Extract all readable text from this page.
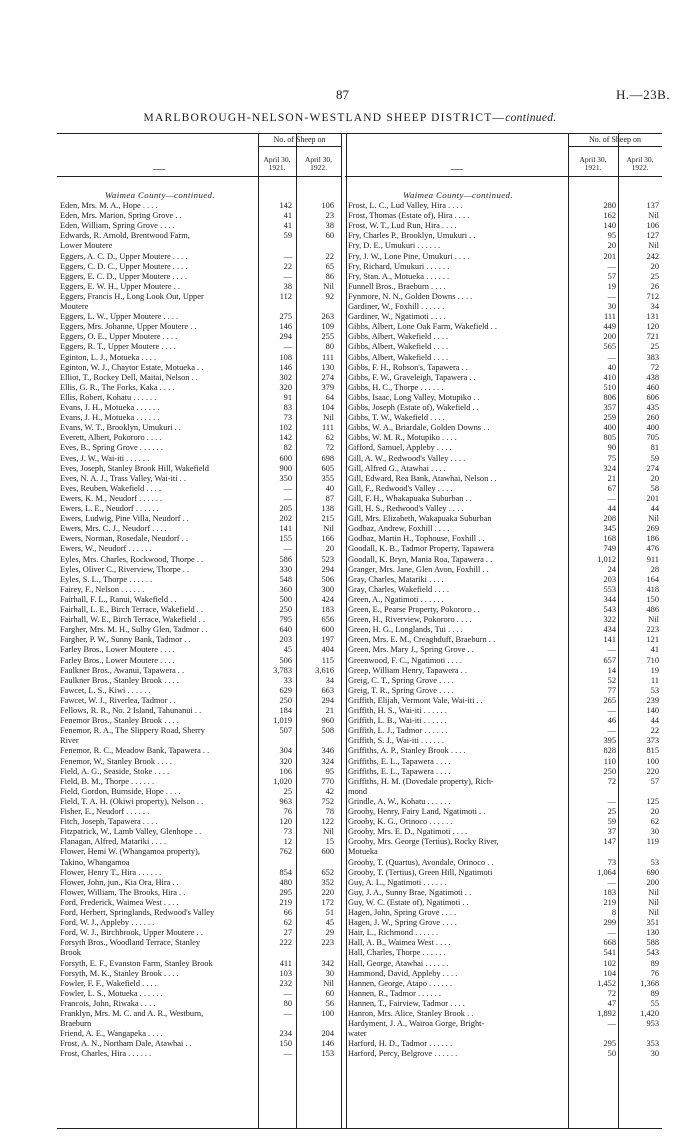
87	H.—23B.
MARLBOROUGH-NELSON-WESTLAND SHEEP DISTRICT—continued.
No. of Sheep on
April 30,
1921.
April 30,
1922.
—
Waimea County—continued.
Eden, Mrs. M. A., Hope . . . .	142	106
Eden, Mrs. Marion, Spring Grove . .	41	23
Eden, William, Spring Grove . . . .	41	38
Edwards, R. Arnold, Brentwood Farm,	59	60
Lower Moutere
Eggers, A. C. D., Upper Moutere . . . .	—	22
Eggers, C. D. C., Upper Moutere . . . .	22	65
Eggers, E. C. D., Upper Moutere . . . .	—	86
Eggers, E. W. H., Upper Moutere . .	38	Nil
Eggers, Francis H., Long Look Out, Upper	112	92
Moutere
Eggers, L. W., Upper Moutere . . . .	275	263
Eggers, Mrs. Johanne, Upper Moutere . .	146	109
Eggers, O. E., Upper Moutere . . . .	294	255
Eggers, R. T., Upper Moutere . . . .	—	80
Eginton, L. J., Motueka . . . .	108	111
Eginton, W. J., Chaytor Estate, Motueka . .	146	130
Elliot, T., Rockey Dell, Maitai, Nelson . .	302	274
Ellis, G. R., The Forks, Kaka . . . .	320	379
Ellis, Robert, Kohatu . . . . . .	91	64
Evans, J. H., Motueka . . . . . .	83	104
Evans, J. H., Motueka . . . . . .	73	Nil
Evans, W. T., Brooklyn, Umukuri . .	102	111
Everett, Albert, Pokororo . . . .	142	62
Eves, B., Spring Grove . . . . . .	82	72
Eves, J. W., Wai-iti . . . . . .	600	698
Eves, Joseph, Stanley Brook Hill, Wakefield	900	605
Eves, N. A. J., Trass Valley, Wai-iti . .	350	355
Eves, Reuben, Wakefield . . . .	—	40
Ewers, K. M., Neudorf . . . . . .	—	87
Ewers, L. E., Neudorf . . . . . .	205	138
Ewers, Ludwig, Pine Villa, Neudorf . .	202	215
Ewers, Mrs. C. J., Neudorf . . . .	141	Nil
Ewers, Norman, Rosedale, Neudorf . .	155	166
Ewers, W., Neudorf . . . . . .	—	20
Eyles, Mrs. Charles, Rockwood, Thorpe . .	586	523
Eyles, Oliver C., Riverview, Thorpe . .	330	294
Eyles, S. L., Thorpe . . . . . .	548	506
Fairey, F., Nelson . . . . . .	360	300
Fairhall, F. L., Ranui, Wakefield . .	500	424
Fairhall, L. E., Birch Terrace, Wakefield . .	250	183
Fairhall, W. E., Birch Terrace, Wakefield . .	795	656
Fargher, Mrs. M. H., Sulby Glen, Tadmor . .	640	600
Fargher, P. W., Sunny Bank, Tadmor . .	203	197
Farley Bros., Lower Moutere . . . .	45	404
Farley Bros., Lower Moutere . . . .	506	115
Faulkner Bros., Awanui, Tapawera . .	3,783	3,616
Faulkner Bros., Stanley Brook . . . .	33	34
Fawcet, L. S., Kiwi . . . . . .	629	663
Fawcet, W. J., Riverlea, Tadmor . .	250	294
Fellows, R. R., No. 2 Island, Tahunanui . .	184	21
Fenemor Bros., Stanley Brook . . . .	1,019	960
Fenemor, R. A., The Slippery Road, Sherry	507	508
River
Fenemor, R. C., Meadow Bank, Tapawera . .	304	346
Fenemor, W., Stanley Brook . . . .	320	324
Field, A. G., Seaside, Stoke . . . .	106	95
Field, B. M., Thorpe . . . . . .	1,020	770
Field, Gordon, Burnside, Hope . . . .	25	42
Field, T. A. H. (Okiwi property), Nelson . .	963	752
Fisher, E., Neudorf . . . . . .	76	78
Fitch, Joseph, Tapawera . . . .	120	122
Fitzpatrick, W., Lamb Valley, Glenhope . .	73	Nil
Flanagan, Alfred, Matariki . . . .	12	15
Flower, Hemi W. (Whangamoa property),	762	600
Takino, Whangamoa
Flower, Henry T., Hira . . . . . .	854	652
Flower, John, jun., Kia Ora, Hira . .	480	352
Flower, William, The Brooks, Hira . .	295	220
Ford, Frederick, Waimea West . . . .	219	172
Ford, Herbert, Springlands, Redwood's Valley	66	51
Ford, W. J., Appleby . . . . . .	62	45
Ford, W. J., Birchbrook, Upper Moutere . .	27	29
Forsyth Bros., Woodland Terrace, Stanley	222	223
Brook
Forsyth, E. F., Evanston Farm, Stanley Brook	411	342
Forsyth, M. K., Stanley Brook . . . .	103	30
Fowler, F. F., Wakefield . . . .	232	Nil
Fowler, L. S., Motueka . . . . . .	—	60
Francois, John, Riwaka . . . .	80	56
Franklyn, Mrs. M. C. and A. R., Westburn,	—	100
Braeburn
Friend, A. E., Wangapeka . . . .	234	204
Frost, A. N., Northam Dale, Atawhai . .	150	146
Frost, Charles, Hira . . . . . .	—	153
No. of Sheep on
April 30,
1921.
April 30,
1922.
—
Waimea County—continued.
Frost, L. C., Lud Valley, Hira . . . .	280	137
Frost, Thomas (Estate of), Hira . . . .	162	Nil
Frost, W. T., Lud Run, Hira . . . .	140	106
Fry, Charles P., Brooklyn, Umukuri . .	95	127
Fry, D. E., Umukuri . . . . . .	20	Nil
Fry, J. W., Lone Pine, Umukuri . . . .	201	242
Fry, Richard, Umukuri . . . . . .	—	20
Fry, Stan. A., Motueka . . . . . .	57	25
Funnell Bros., Braeburn . . . .	19	26
Fynmore, N. N., Golden Downs . . . .	—	712
Gardiner, W., Foxhill . . . . . .	30	34
Gardiner, W., Ngatimoti . . . .	111	131
Gibbs, Albert, Lone Oak Farm, Wakefield . .	449	120
Gibbs, Albert, Wakefield . . . .	200	721
Gibbs, Albert, Wakefield . . . .	565	25
Gibbs, Albert, Wakefield . . . .	—	383
Gibbs, F. H., Robson's, Tapawera . .	40	72
Gibbs, F. W., Graveleigh, Tapawera . .	410	438
Gibbs, H. C., Thorpe . . . . . .	510	460
Gibbs, Isaac, Long Valley, Motupiko . .	806	606
Gibbs, Joseph (Estate of), Wakefield . .	357	435
Gibbs, T. W., Wakefield . . . .	259	260
Gibbs, W. A., Briardale, Golden Downs . .	400	400
Gibbs, W. M. R., Motupiko . . . .	805	705
Gifford, Samuel, Appleby . . . .	90	81
Gill, A. W., Redwood's Valley . . . .	75	59
Gill, Alfred G., Atawhai . . . .	324	274
Gill, Edward, Rea Bank, Atawhai, Nelson . .	21	20
Gill, F., Redwood's Valley . . . .	67	58
Gill, F. H., Whakapuaka Suburban . .	—	201
Gill, H. S., Redwood's Valley . . . .	44	44
Gill, Mrs. Elizabeth, Wakapuaka Suburban	208	Nil
Godbaz, Andrew, Foxhill . . . .	345	269
Godbaz, Martin H., Tophouse, Foxhill . .	168	186
Goodall, K. B., Tadmor Property, Tapawera	749	476
Goodall, K. Bryn, Mania Roa, Tapawera . .	1,012	911
Granger, Mrs. Jane, Glen Avon, Foxhill . .	24	28
Gray, Charles, Matariki . . . .	203	164
Gray, Charles, Wakefield . . . .	553	418
Green, A., Ngatimoti . . . . . .	344	150
Green, E., Pearse Property, Pokororo . .	543	486
Green, H., Riverview, Pokororo . . . .	322	Nil
Green, H. G., Longlands, Tui . . . .	434	223
Green, Mrs. E. M., Creaghduff, Braeburn . .	141	121
Green, Mrs. Mary J., Spring Grove . .	—	41
Greenwood, F. C., Ngatimoti . . . .	657	710
Greep, William Henry, Tapawera . .	14	19
Greig, C. T., Spring Grove . . . .	52	11
Greig, T. R., Spring Grove . . . .	77	53
Griffith, Elijah, Vermont Vale, Wai-iti . .	265	239
Griffith, H. S., Wai-iti . . . . . .	—	140
Griffith, L. B., Wai-iti . . . . . .	46	44
Griffith, L. J., Tadmor . . . . . .	—	22
Griffith, S. J., Wai-iti . . . . . .	395	373
Griffiths, A. P., Stanley Brook . . . .	828	815
Griffiths, E. L., Tapawera . . . .	110	100
Griffiths, E. L., Tapawera . . . .	250	220
Griffiths, H. M. (Dovedale property), Rich-	72	57
mond
Grindle, A. W., Kohatu . . . . . .	—	125
Grooby, Henry, Fairy Land, Ngatimoti . .	25	20
Grooby, K. G., Orinoco . . . . . .	59	62
Grooby, Mrs. E. D., Ngatimoti . . . .	37	30
Grooby, Mrs. George (Tertius), Rocky River,	147	119
Motueka
Grooby, T. (Quartus), Avondale, Orinoco . .	73	53
Grooby, T. (Tertius), Green Hill, Ngatimoti	1,064	690
Guy, A. L., Ngatimoti . . . . . .	—	200
Guy, J. A., Sunny Brae, Ngatimoti . .	183	Nil
Guy, W. C. (Estate of), Ngatimoti . .	219	Nil
Hagen, John, Spring Grove . . . .	8	Nil
Hagen, J. W., Spring Grove . . . .	299	351
Hair, L., Richmond . . . . . .	—	130
Hall, A. B., Waimea West . . . .	668	588
Hall, Charles, Thorpe . . . . . .	541	543
Hall, George, Atawhai . . . . . .	102	89
Hammond, David, Appleby . . . .	104	76
Hannen, George, Atapo . . . . . .	1,452	1,368
Hannen, R., Tadmor . . . . . .	72	89
Hannen, T., Fairview, Tadmor . . . .	47	55
Hanron, Mrs. Alice, Stanley Brook . .	1,892	1,420
Hardyment, J. A., Wairoa Gorge, Bright-	—	953
water
Harford, H. D., Tadmor . . . . . .	295	353
Harford, Percy, Belgrove . . . . . .	50	30
